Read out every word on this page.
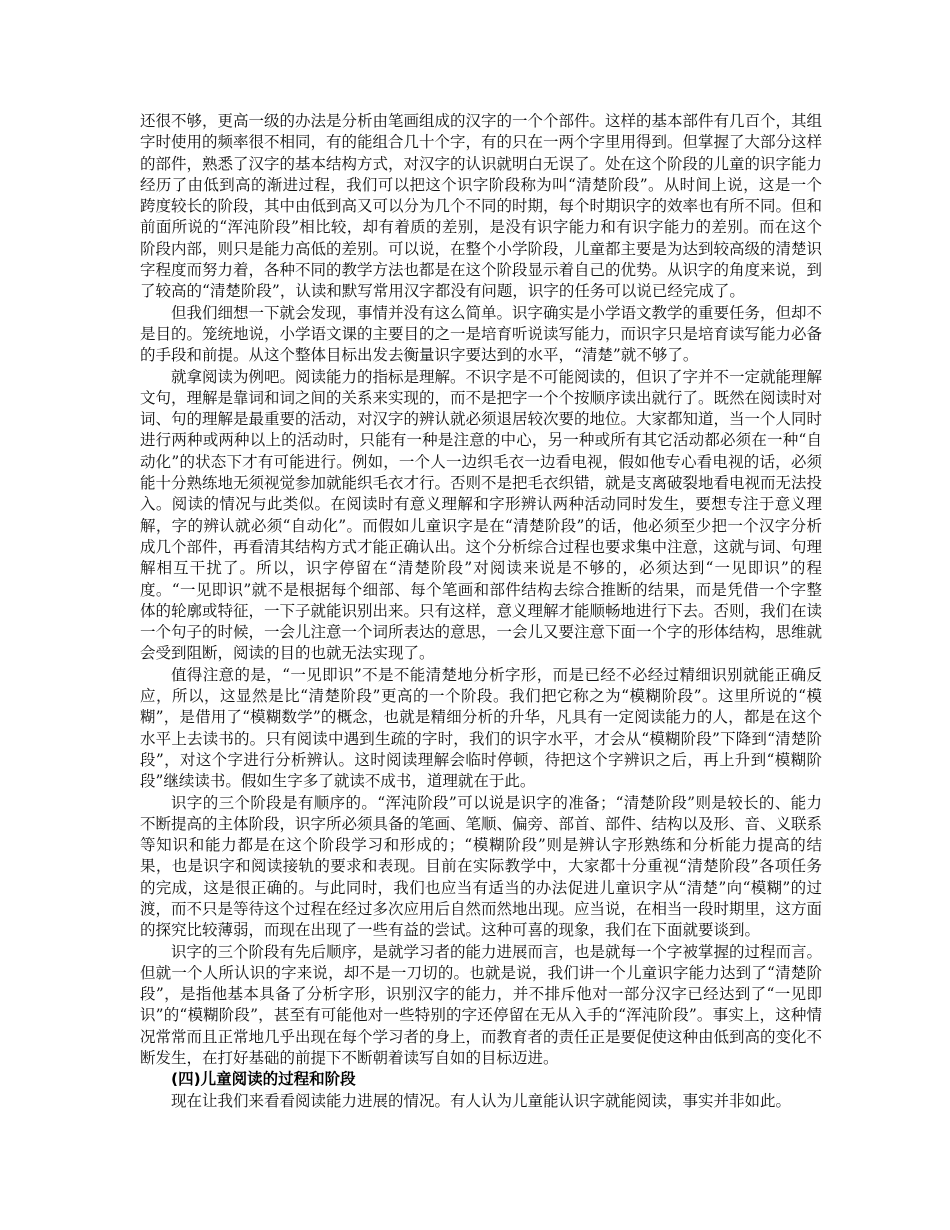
还很不够，更高一级的办法是分析由笔画组成的汉字的一个个部件。这样的基本部件有几百个，其组字时使用的频率很不相同，有的能组合几十个字，有的只在一两个字里用得到。但掌握了大部分这样的部件，熟悉了汉字的基本结构方式，对汉字的认识就明白无误了。处在这个阶段的儿童的识字能力经历了由低到高的渐进过程，我们可以把这个识字阶段称为叫“清楚阶段”。从时间上说，这是一个跨度较长的阶段，其中由低到高又可以分为几个不同的时期，每个时期识字的效率也有所不同。但和前面所说的“浑沌阶段”相比较，却有着质的差别，是没有识字能力和有识字能力的差别。而在这个阶段内部，则只是能力高低的差别。可以说，在整个小学阶段，儿童都主要是为达到较高级的清楚识字程度而努力着，各种不同的教学方法也都是在这个阶段显示着自己的优势。从识字的角度来说，到了较高的“清楚阶段”，认读和默写常用汉字都没有问题，识字的任务可以说已经完成了。

但我们细想一下就会发现，事情并没有这么简单。识字确实是小学语文教学的重要任务，但却不是目的。笼统地说，小学语文课的主要目的之一是培育听说读写能力，而识字只是培育读写能力必备的手段和前提。从这个整体目标出发去衡量识字要达到的水平，“清楚”就不够了。

就拿阅读为例吧。阅读能力的指标是理解。不识字是不可能阅读的，但识了字并不一定就能理解文句，理解是靠词和词之间的关系来实现的，而不是把字一个个按顺序读出就行了。既然在阅读时对词、句的理解是最重要的活动，对汉字的辨认就必须退居较次要的地位。大家都知道，当一个人同时进行两种或两种以上的活动时，只能有一种是注意的中心，另一种或所有其它活动都必须在一种“自动化”的状态下才有可能进行。例如，一个人一边织毛衣一边看电视，假如他专心看电视的话，必须能十分熟练地无须视觉参加就能织毛衣才行。否则不是把毛衣织错，就是支离破裂地看电视而无法投入。阅读的情况与此类似。在阅读时有意义理解和字形辨认两种活动同时发生，要想专注于意义理解，字的辨认就必须“自动化”。而假如儿童识字是在“清楚阶段”的话，他必须至少把一个汉字分析成几个部件，再看清其结构方式才能正确认出。这个分析综合过程也要求集中注意，这就与词、句理解相互干扰了。所以，识字停留在“清楚阶段”对阅读来说是不够的，必须达到“一见即识”的程度。“一见即识”就不是根据每个细部、每个笔画和部件结构去综合推断的结果，而是凭借一个字整体的轮廓或特征，一下子就能识别出来。只有这样，意义理解才能顺畅地进行下去。否则，我们在读一个句子的时候，一会儿注意一个词所表达的意思，一会儿又要注意下面一个字的形体结构，思维就会受到阻断，阅读的目的也就无法实现了。

值得注意的是，“一见即识”不是不能清楚地分析字形，而是已经不必经过精细识别就能正确反应，所以，这显然是比“清楚阶段”更高的一个阶段。我们把它称之为“模糊阶段”。这里所说的“模糊”，是借用了“模糊数学”的概念，也就是精细分析的升华，凡具有一定阅读能力的人，都是在这个水平上去读书的。只有阅读中遇到生疏的字时，我们的识字水平，才会从“模糊阶段”下降到“清楚阶段”，对这个字进行分析辨认。这时阅读理解会临时停顿，待把这个字辨识之后，再上升到“模糊阶段”继续读书。假如生字多了就读不成书，道理就在于此。

识字的三个阶段是有顺序的。“浑沌阶段”可以说是识字的准备；“清楚阶段”则是较长的、能力不断提高的主体阶段，识字所必须具备的笔画、笔顺、偏旁、部首、部件、结构以及形、音、义联系等知识和能力都是在这个阶段学习和形成的；“模糊阶段”则是辨认字形熟练和分析能力提高的结果，也是识字和阅读接轨的要求和表现。目前在实际教学中，大家都十分重视“清楚阶段”各项任务的完成，这是很正确的。与此同时，我们也应当有适当的办法促进儿童识字从“清楚”向“模糊”的过渡，而不只是等待这个过程在经过多次应用后自然而然地出现。应当说，在相当一段时期里，这方面的探究比较薄弱，而现在出现了一些有益的尝试。这种可喜的现象，我们在下面就要谈到。

识字的三个阶段有先后顺序，是就学习者的能力进展而言，也是就每一个字被掌握的过程而言。但就一个人所认识的字来说，却不是一刀切的。也就是说，我们讲一个儿童识字能力达到了“清楚阶段”，是指他基本具备了分析字形，识别汉字的能力，并不排斥他对一部分汉字已经达到了“一见即识”的“模糊阶段”，甚至有可能他对一些特别的字还停留在无从入手的“浑沌阶段”。事实上，这种情况常常而且正常地几乎出现在每个学习者的身上，而教育者的责任正是要促使这种由低到高的变化不断发生，在打好基础的前提下不断朝着读写自如的目标迈进。

(四)儿童阅读的过程和阶段

现在让我们来看看阅读能力进展的情况。有人认为儿童能认识字就能阅读，事实并非如此。
